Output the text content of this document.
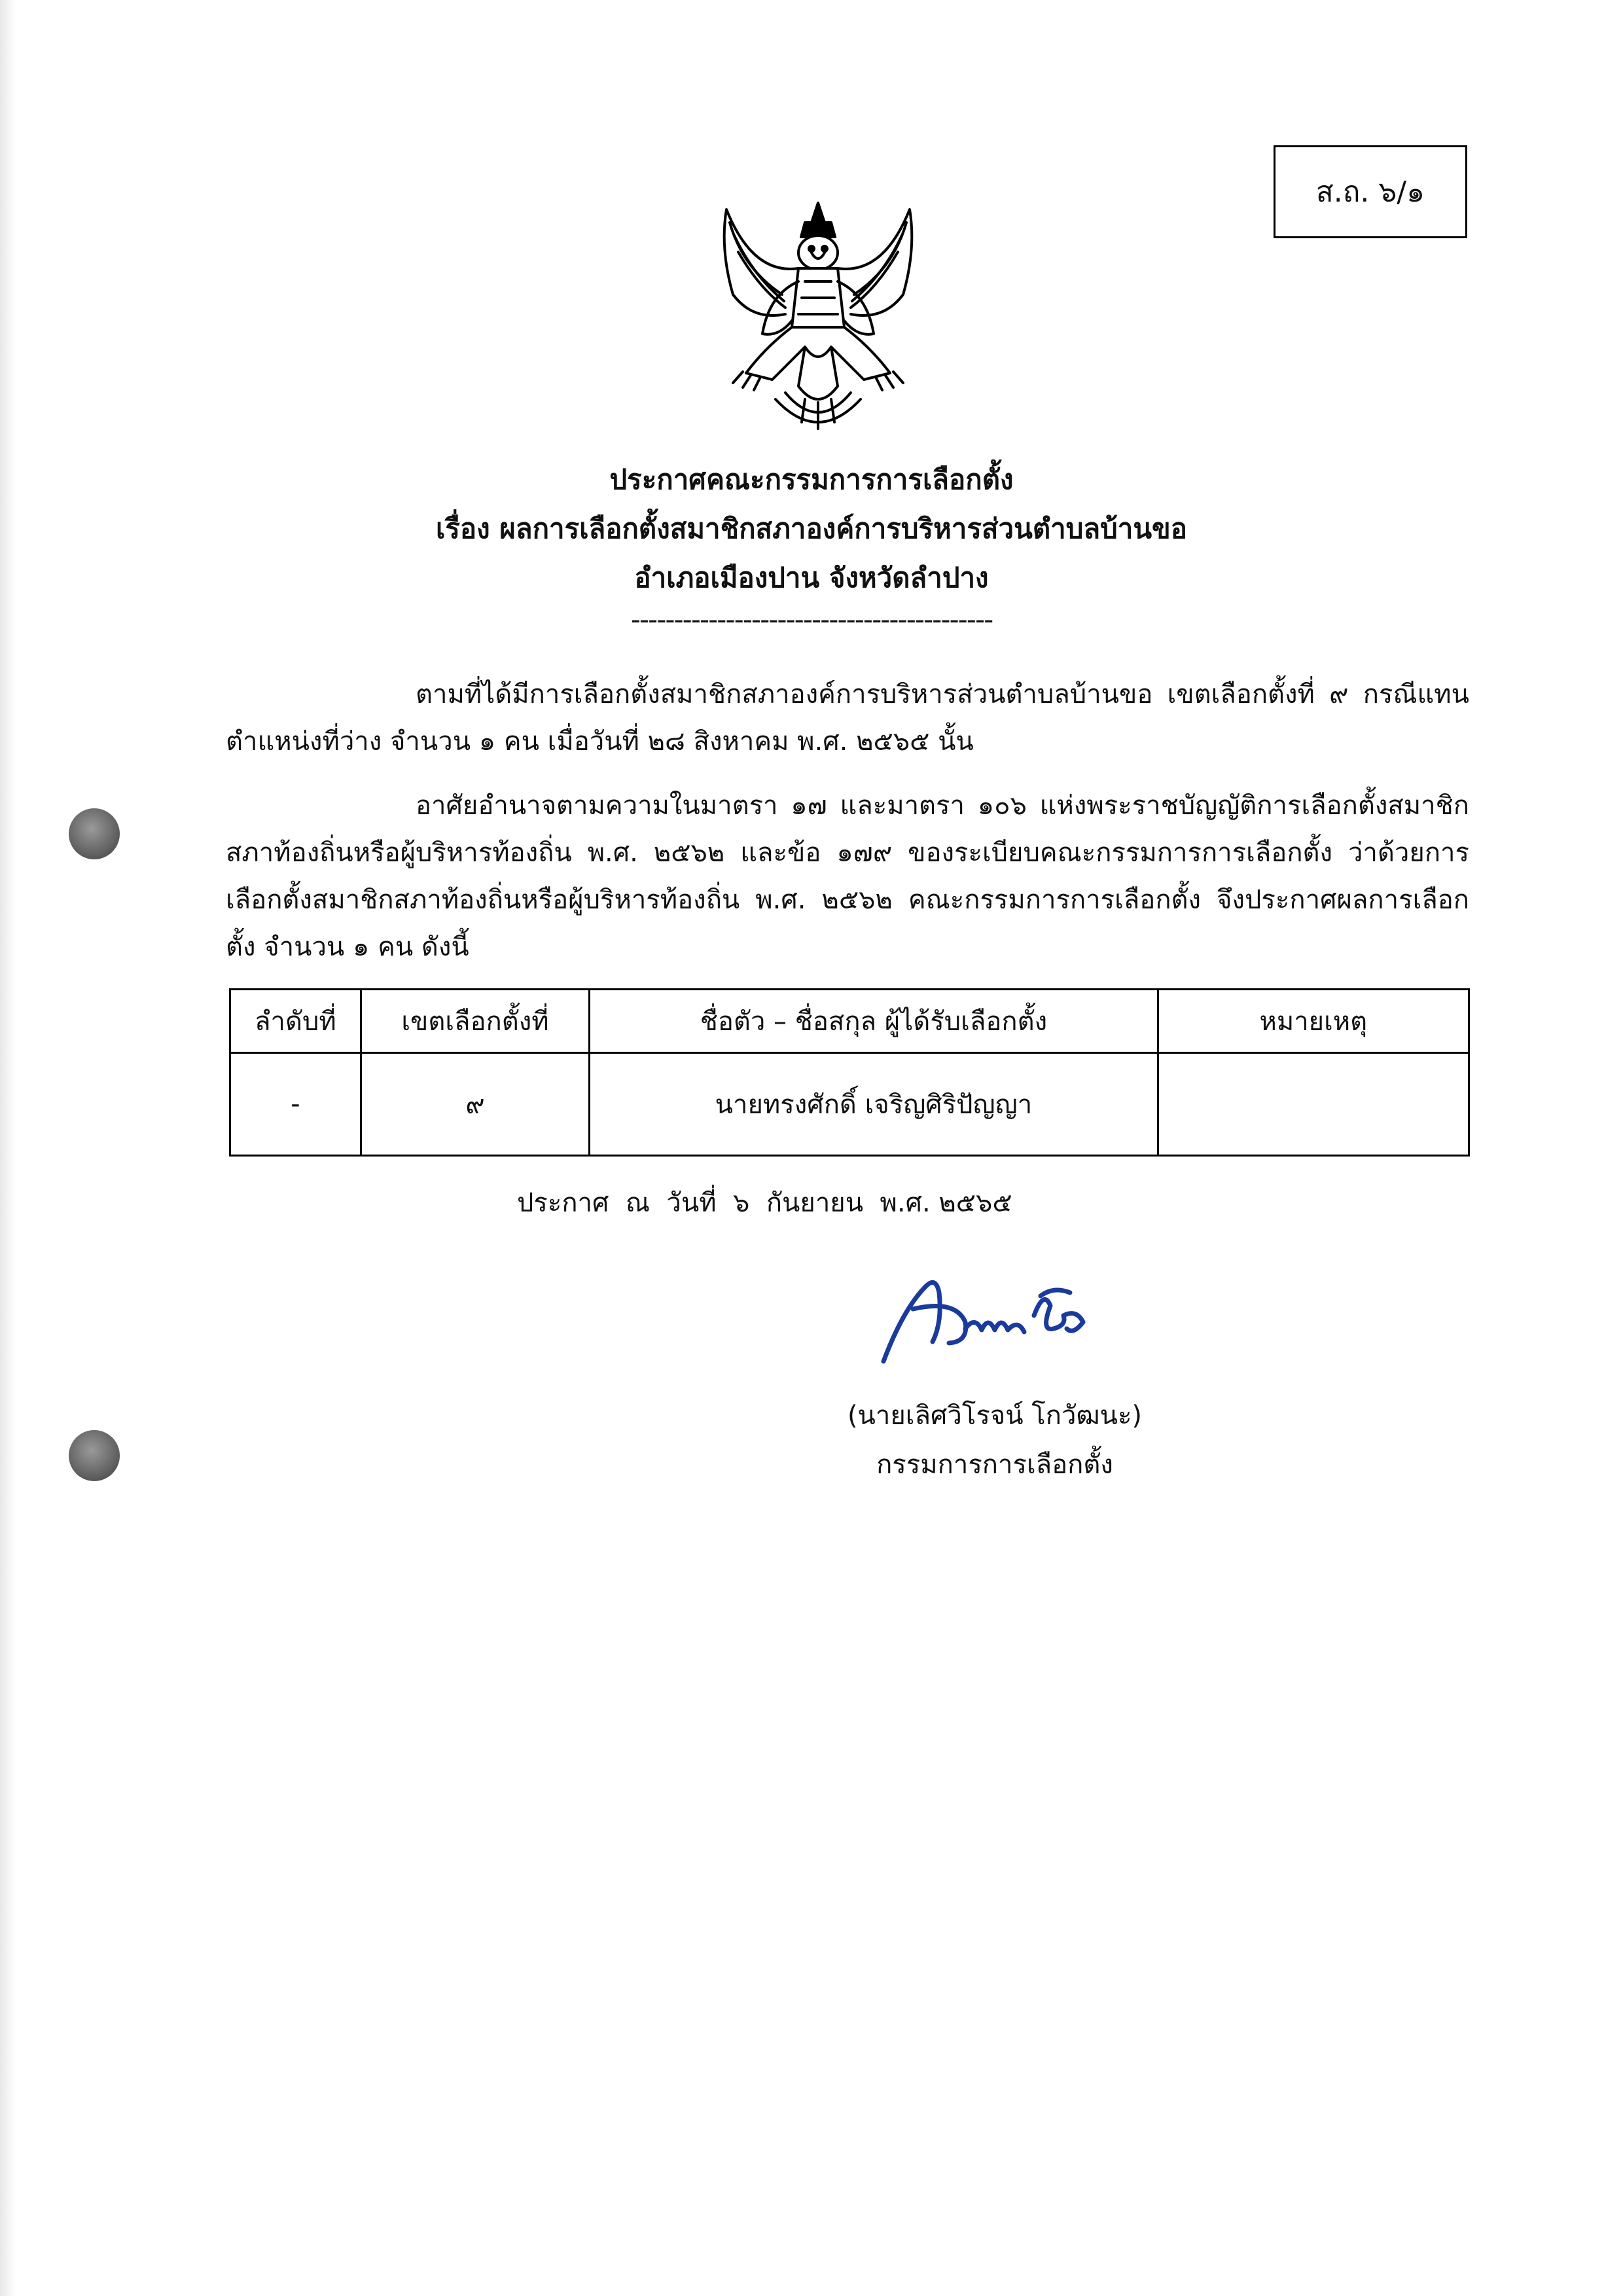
ส.ถ. ๖/๑
ประกาศคณะกรรมการการเลือกตั้ง
เรื่อง ผลการเลือกตั้งสมาชิกสภาองค์การบริหารส่วนตำบลบ้านขอ
อำเภอเมืองปาน จังหวัดลำปาง
------------------------------------------
ตามที่ได้มีการเลือกตั้งสมาชิกสภาองค์การบริหารส่วนตำบลบ้านขอ เขตเลือกตั้งที่ ๙ กรณีแทนตำแหน่งที่ว่าง จำนวน ๑ คน เมื่อวันที่ ๒๘ สิงหาคม พ.ศ. ๒๕๖๕ นั้น
อาศัยอำนาจตามความในมาตรา ๑๗ และมาตรา ๑๐๖ แห่งพระราชบัญญัติการเลือกตั้งสมาชิกสภาท้องถิ่นหรือผู้บริหารท้องถิ่น พ.ศ. ๒๕๖๒ และข้อ ๑๗๙ ของระเบียบคณะกรรมการการเลือกตั้ง ว่าด้วยการเลือกตั้งสมาชิกสภาท้องถิ่นหรือผู้บริหารท้องถิ่น พ.ศ. ๒๕๖๒ คณะกรรมการการเลือกตั้ง จึงประกาศผลการเลือกตั้ง จำนวน ๑ คน ดังนี้
ลำดับที่	เขตเลือกตั้งที่	ชื่อตัว – ชื่อสกุล ผู้ได้รับเลือกตั้ง	หมายเหตุ
-	๙	นายทรงศักดิ์ เจริญศิริปัญญา	
ประกาศ  ณ  วันที่  ๖  กันยายน  พ.ศ. ๒๕๖๕
(นายเลิศวิโรจน์ โกวัฒนะ)
กรรมการการเลือกตั้ง
